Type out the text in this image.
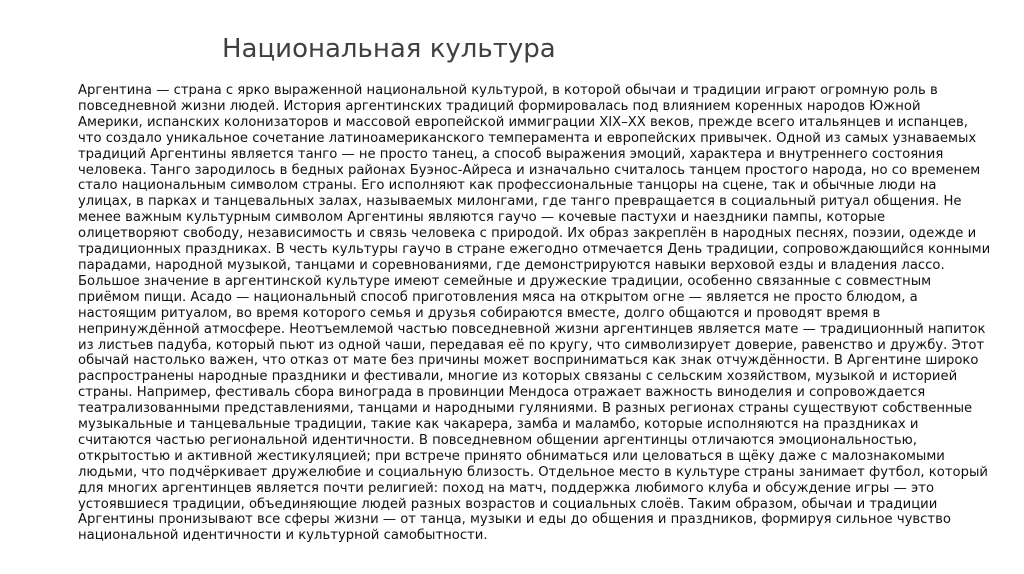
Национальная культура
Аргентина — страна с ярко выраженной национальной культурой, в которой обычаи и традиции играют огромную роль в
повседневной жизни людей. История аргентинских традиций формировалась под влиянием коренных народов Южной
Америки, испанских колонизаторов и массовой европейской иммиграции XIX–XX веков, прежде всего итальянцев и испанцев,
что создало уникальное сочетание латиноамериканского темперамента и европейских привычек. Одной из самых узнаваемых
традиций Аргентины является танго — не просто танец, а способ выражения эмоций, характера и внутреннего состояния
человека. Танго зародилось в бедных районах Буэнос-Айреса и изначально считалось танцем простого народа, но со временем
стало национальным символом страны. Его исполняют как профессиональные танцоры на сцене, так и обычные люди на
улицах, в парках и танцевальных залах, называемых милонгами, где танго превращается в социальный ритуал общения. Не
менее важным культурным символом Аргентины являются гаучо — кочевые пастухи и наездники пампы, которые
олицетворяют свободу, независимость и связь человека с природой. Их образ закреплён в народных песнях, поэзии, одежде и
традиционных праздниках. В честь культуры гаучо в стране ежегодно отмечается День традиции, сопровождающийся конными
парадами, народной музыкой, танцами и соревнованиями, где демонстрируются навыки верховой езды и владения лассо.
Большое значение в аргентинской культуре имеют семейные и дружеские традиции, особенно связанные с совместным
приёмом пищи. Асадо — национальный способ приготовления мяса на открытом огне — является не просто блюдом, а
настоящим ритуалом, во время которого семья и друзья собираются вместе, долго общаются и проводят время в
непринуждённой атмосфере. Неотъемлемой частью повседневной жизни аргентинцев является мате — традиционный напиток
из листьев падуба, который пьют из одной чаши, передавая её по кругу, что символизирует доверие, равенство и дружбу. Этот
обычай настолько важен, что отказ от мате без причины может восприниматься как знак отчуждённости. В Аргентине широко
распространены народные праздники и фестивали, многие из которых связаны с сельским хозяйством, музыкой и историей
страны. Например, фестиваль сбора винограда в провинции Мендоса отражает важность виноделия и сопровождается
театрализованными представлениями, танцами и народными гуляниями. В разных регионах страны существуют собственные
музыкальные и танцевальные традиции, такие как чакарера, замба и маламбо, которые исполняются на праздниках и
считаются частью региональной идентичности. В повседневном общении аргентинцы отличаются эмоциональностью,
открытостью и активной жестикуляцией; при встрече принято обниматься или целоваться в щёку даже с малознакомыми
людьми, что подчёркивает дружелюбие и социальную близость. Отдельное место в культуре страны занимает футбол, который
для многих аргентинцев является почти религией: поход на матч, поддержка любимого клуба и обсуждение игры — это
устоявшиеся традиции, объединяющие людей разных возрастов и социальных слоёв. Таким образом, обычаи и традиции
Аргентины пронизывают все сферы жизни — от танца, музыки и еды до общения и праздников, формируя сильное чувство
национальной идентичности и культурной самобытности.
